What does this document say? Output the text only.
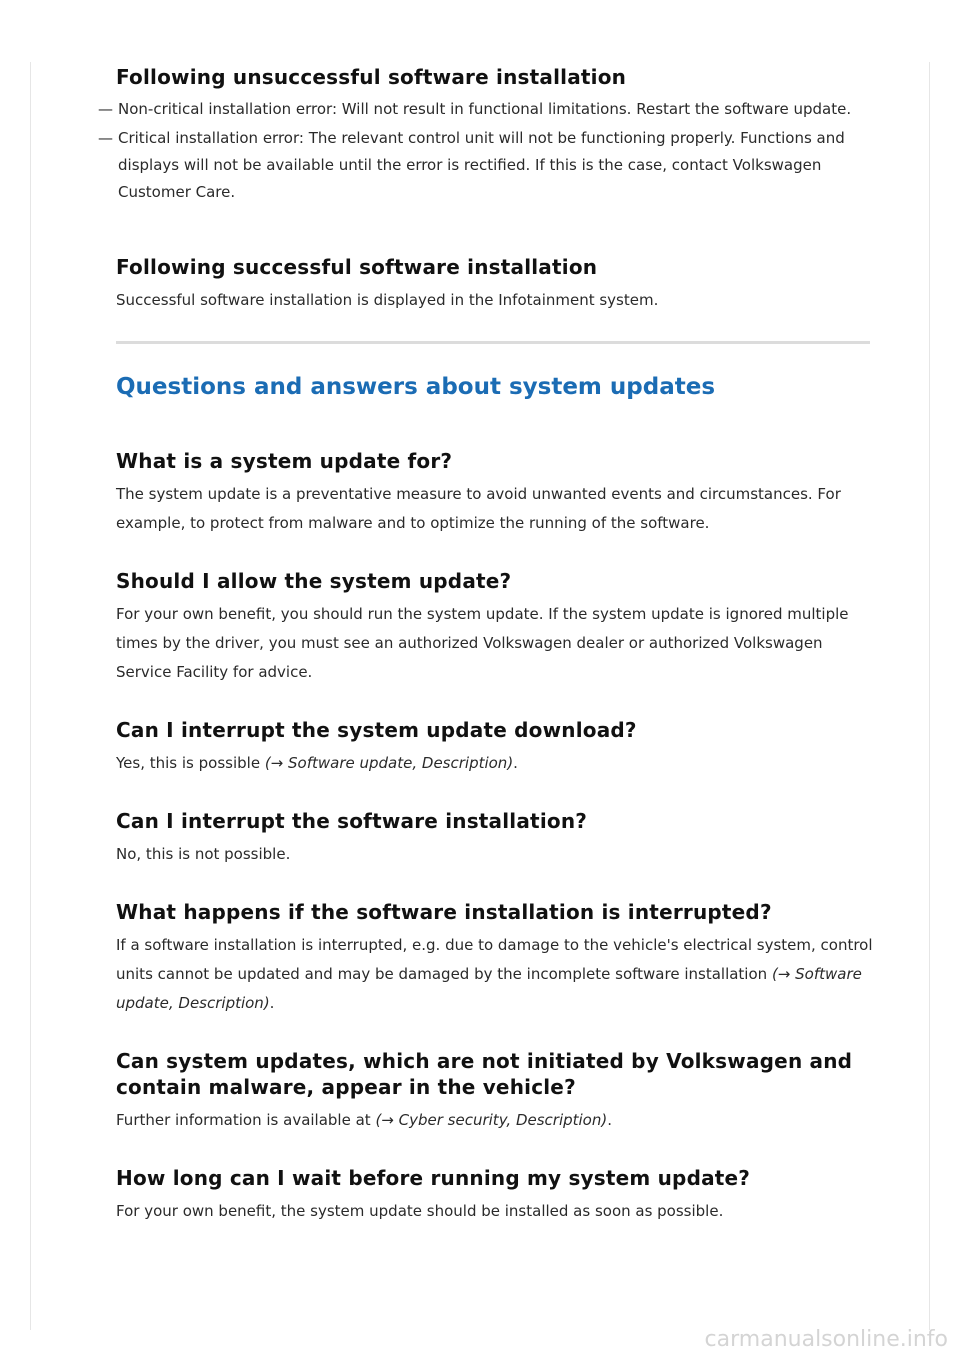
Following unsuccessful software installation
— Non-critical installation error: Will not result in functional limitations. Restart the software update.
— Critical installation error: The relevant control unit will not be functioning properly. Functions and displays will not be available until the error is rectified. If this is the case, contact Volkswagen Customer Care.
Following successful software installation

Successful software installation is displayed in the Infotainment system.

Questions and answers about system updates
What is a system update for?

The system update is a preventative measure to avoid unwanted events and circumstances. For example, to protect from malware and to optimize the running of the software.

Should I allow the system update?

For your own benefit, you should run the system update. If the system update is ignored multiple times by the driver, you must see an authorized Volkswagen dealer or authorized Volkswagen Service Facility for advice.

Can I interrupt the system update download?

Yes, this is possible (→ Software update, Description).

Can I interrupt the software installation?

No, this is not possible.

What happens if the software installation is interrupted?

If a software installation is interrupted, e.g. due to damage to the vehicle's electrical system, control units cannot be updated and may be damaged by the incomplete software installation (→ Software update, Description).

Can system updates, which are not initiated by Volkswagen and contain malware, appear in the vehicle?

Further information is available at (→ Cyber security, Description).

How long can I wait before running my system update?

For your own benefit, the system update should be installed as soon as possible.

carmanualsonline.info
